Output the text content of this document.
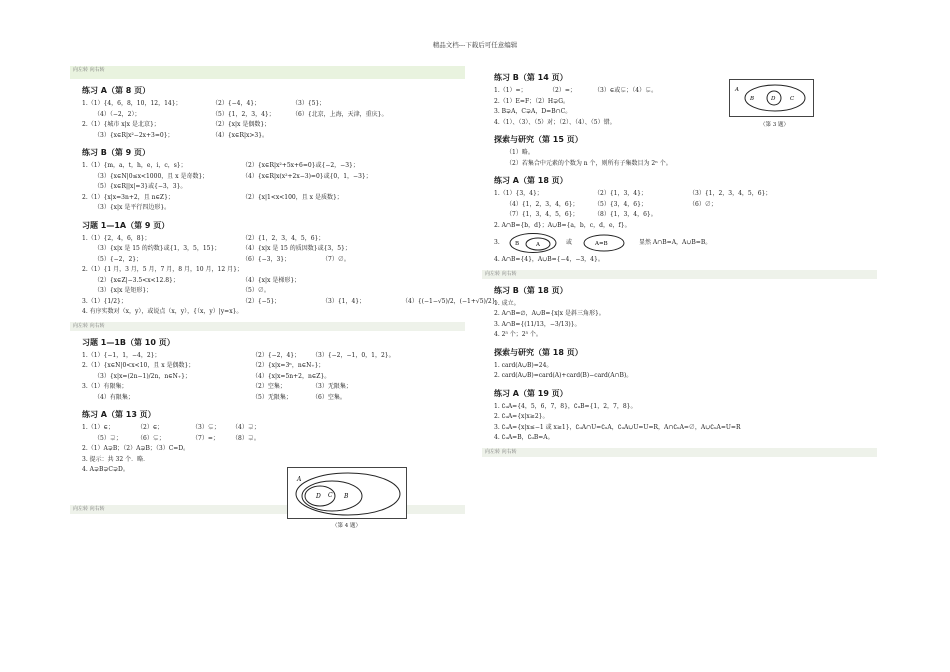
精品文档---下载后可任意编辑
向左转 向右转
练习 A（第 8 页）
1.（1）{4，6，8，10，12，14}；	（2）{−4，4}；	（3）{5}；
（4）（−2，2）；	（5）{1，2，3，4}；	（6）{北京，上海，天津，重庆}。
2.（1）{城市 x|x 是北京}；	（2）{x|x 是偶数}；
（3）{x∈R|x²−2x+3=0}；	（4）{x∈R|x>3}。
练习 B（第 9 页）
1.（1）{m，a，t，h，e，i，c，s}；	（2）{x∈R|x²+5x+6=0}或{−2，−3}；
（3）{x∈N|0≤x<1000，且 x 是奇数}；	（4）{x∈R|x(x²+2x−3)=0}或{0，1，−3}；
（5）{x∈R||x|=3}或{−3，3}。
2.（1）{x|x=3n+2，且 n∈Z}；	（2）{x|1<x<100，且 x 是质数}；
（3）{x|x 是平行四边形}。
习题 1—1A（第 9 页）
1.（1）{2，4，6，8}；	（2）{1，2，3，4，5，6}；
（3）{x|x 是 15 的约数}或{1，3，5，15}；	（4）{x|x 是 15 的质因数}或{3，5}；
（5）{−2，2}；	（6）{−3，3}；	（7）∅。
2.（1）{1 月，3 月，5 月，7 月，8 月，10 月，12 月}；
（2）{x∈Z|−3.5<x<12.8}；	（4）{x|x 是梯形}；
（3）{x|x 是矩形}；	（5）∅。
3.（1）{1/2}；	（2）{−5}；	（3）{1，4}；	（4）{(−1−√5)/2，(−1+√5)/2}。
4. 有序实数对（x，y），或说点（x，y），{（x，y）|y=x}。
向左转 向右转
习题 1—1B（第 10 页）
1.（1）{−1，1，−4，2}；	（2）{−2，4}； （3）{−2，−1，0，1，2}。
2.（1）{x∈N|0<x<10，且 x 是偶数}；	（2）{x|x=3ⁿ，n∈N₊}；
（3）{x|x=(2n−1)/2n，n∈N₊}；	（4）{x|x=5n+2，n∈Z}。
3.（1）有限集；	（2）空集；	（3）无限集；
（4）有限集；	（5）无限集；	（6）空集。
练习 A（第 13 页）
1.（1）∈；	（2）∈；	（3）⊊； （4）⊋；
（5）⊋；	（6）⊊；	（7）=； （8）⊋。
2.（1）A⊋B；（2）A⊋B；（3）C=D。
3. 提示：共 32 个．略．
4. A⊋B⊋C⊋D。
向左转 向右转
练习 B（第 14 页）
1.（1）=；	（2）=；	（3）∈或⊊；（4）⊊。
2.（1）E=F；（2）H⊋G。
3. B⊋A，C⊋A，D=B∩C。
4.（1）、（3）、（5）对；（2）、（4）、（5）错。
探索与研究（第 15 页）
（1）略。
（2）若集合中元素的个数为 n 个，则所有子集数目为 2ⁿ 个。
练习 A（第 18 页）
1.（1）{3，4}；	（2）{1，3，4}；	（3）{1，2，3，4，5，6}；
（4）{1，2，3，4，6}；	（5）{3，4，6}；	（6）∅；
（7）{1，3，4，5，6}；	（8）{1，3，4，6}。
2. A∩B={b，d}；A∪B={a，b，c，d，e，f}。
3.	B	A	或	A=B	显然 A∩B=A，A∪B=B。
4. A∩B={4}，A∪B={−4，−3，4}。
向左转 向右转
练习 B（第 18 页）
1. 成立。
2. A∩B=∅，A∪B={x|x 是斜三角形}。
3. A∩B={(11/13，−3/13)}。
4. 2⁵ 个；2⁵ 个。
探索与研究（第 18 页）
1. card(A∪B)=24。
2. card(A∪B)=card(A)+card(B)−card(A∩B)。
练习 A（第 19 页）
1. ∁ᵤA={4，5，6，7，8}，∁ᵤB={1，2，7，8}。
2. ∁ᵤA={x|x≥2}。
3. ∁ᵤA={x|x≤−1 或 x≥1}，∁ᵤA∩U=∁ᵤA，∁ᵤA∪U=U=R，A∩∁ᵤA=∅，A∪∁ᵤA=U=R
4. ∁ᵤA=B，∁ᵤB=A。
向左转 向右转
A
B
C
D
（第 4 题）
A
B	D	C
（第 3 题）
